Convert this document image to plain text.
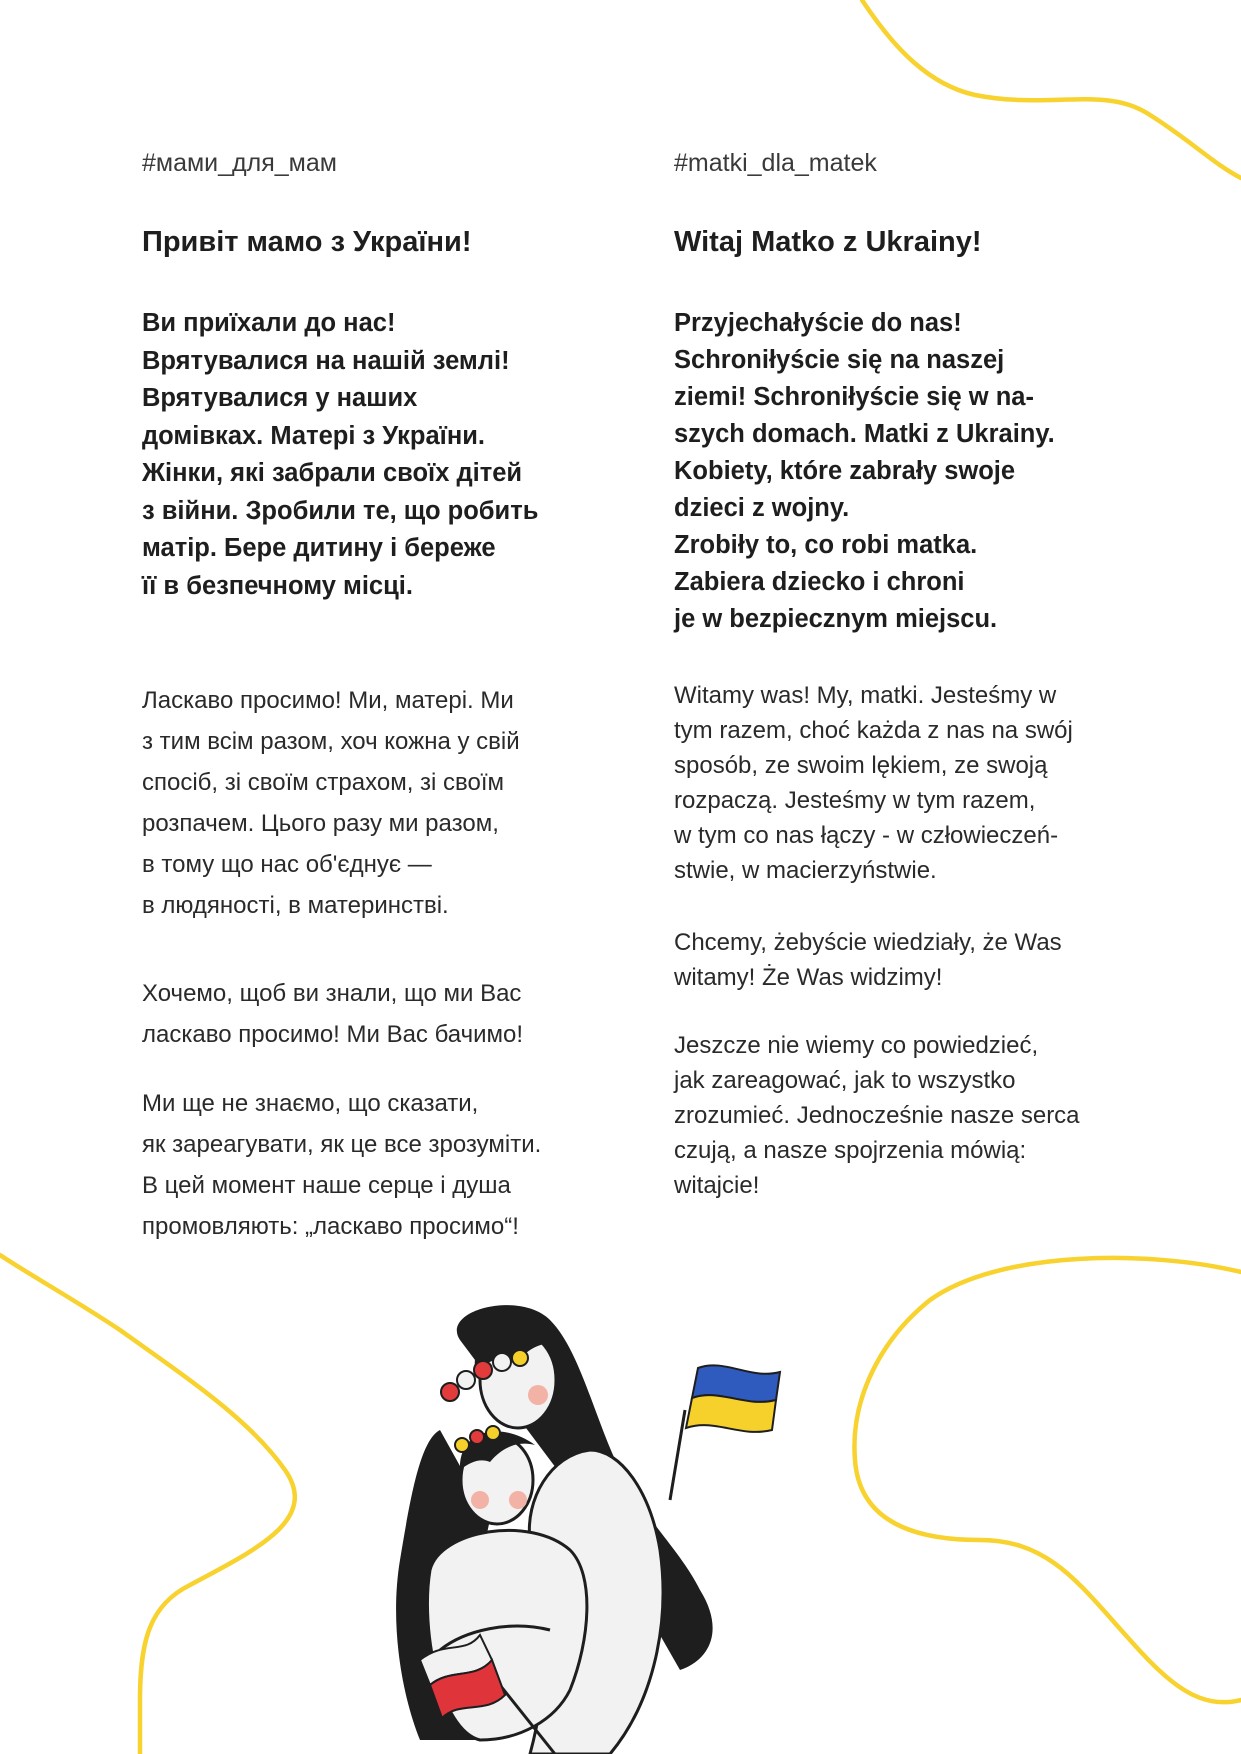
#мами_для_мам

Привіт мамо з України!

Ви приїхали до нас!
Врятувалися на нашій землі!
Врятувалися у наших
домівках. Матері з України.
Жінки, які забрали своїх дітей
з війни. Зробили те, що робить
матір. Бере дитину і береже
її в безпечному місці.

Ласкаво просимо! Ми, матері. Ми
з тим всім разом, хоч кожна у свій
спосіб, зі своїм страхом, зі своїм
розпачем. Цього разу ми разом,
в тому що нас об'єднує —
в людяності, в материнстві.

Хочемо, щоб ви знали, що ми Вас
ласкаво просимо! Ми Вас бачимо!

Ми ще не знаємо, що сказати,
як зареагувати, як це все зрозуміти.
В цей момент наше серце і душа
промовляють: „ласкаво просимо“!

#matki_dla_matek

Witaj Matko z Ukrainy!

Przyjechałyście do nas!
Schroniłyście się na naszej
ziemi! Schroniłyście się w na-
szych domach. Matki z Ukrainy.
Kobiety, które zabrały swoje
dzieci z wojny.
Zrobiły to, co robi matka.
Zabiera dziecko i chroni
je w bezpiecznym miejscu.

Witamy was! My, matki. Jesteśmy w
tym razem, choć każda z nas na swój
sposób, ze swoim lękiem, ze swoją
rozpaczą. Jesteśmy w tym razem,
w tym co nas łączy - w człowieczeń-
stwie, w macierzyństwie.

Chcemy, żebyście wiedziały, że Was
witamy! Że Was widzimy!

Jeszcze nie wiemy co powiedzieć,
jak zareagować, jak to wszystko
zrozumieć. Jednocześnie nasze serca
czują, a nasze spojrzenia mówią:
witajcie!
